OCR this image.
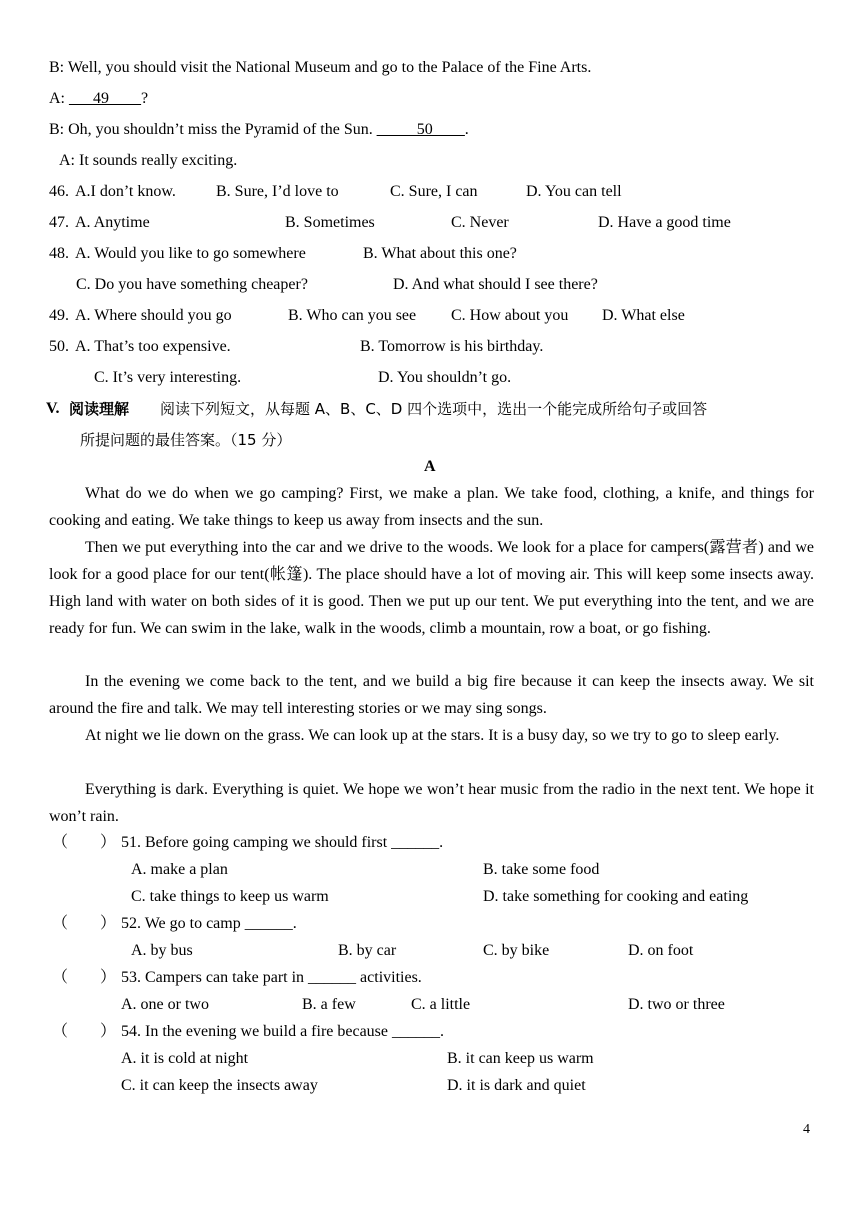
B: Well, you should visit the National Museum and go to the Palace of the Fine Arts.
A: ___49____?
B: Oh, you shouldn’t miss the Pyramid of the Sun. _____50____.
A: It sounds really exciting.
46. A.I don’t know.	B. Sure, I’d love to	C. Sure, I can	D. You can tell
47. A. Anytime	B. Sometimes	C. Never	D. Have a good time
48. A. Would you like to go somewhere	B. What about this one?
C. Do you have something cheaper?	D. And what should I see there?
49. A. Where should you go	B. Who can you see C. How about you D. What else
50. A. That’s too expensive.	B. Tomorrow is his birthday.
C. It’s very interesting.	D. You shouldn’t go.
V. 阅读理解 阅读下列短文，从每题 A、B、C、D 四个选项中，选出一个能完成所给句子或回答
所提问题的最佳答案。（15 分）
A
What do we do when we go camping? First, we make a plan. We take food, clothing, a knife, and things for cooking and eating. We take things to keep us away from insects and the sun.
Then we put everything into the car and we drive to the woods. We look for a place for campers(露营者) and we look for a good place for our tent(帐篷). The place should have a lot of moving air. This will keep some insects away. High land with water on both sides of it is good. Then we put up our tent. We put everything into the tent, and we are ready for fun. We can swim in the lake, walk in the woods, climb a mountain, row a boat, or go fishing.
In the evening we come back to the tent, and we build a big fire because it can keep the insects away. We sit around the fire and talk. We may tell interesting stories or we may sing songs.
At night we lie down on the grass. We can look up at the stars. It is a busy day, so we try to go to sleep early.
Everything is dark. Everything is quiet. We hope we won’t hear music from the radio in the next tent. We hope it won’t rain.
（　　） 51. Before going camping we should first ______.
A. make a plan	B. take some food
C. take things to keep us warm	D. take something for cooking and eating
（　　） 52. We go to camp ______.
A. by bus	B. by car	C. by bike	D. on foot
（　　） 53. Campers can take part in ______ activities.
A. one or two	B. a few	C. a little	D. two or three
（　　） 54. In the evening we build a fire because ______.
A. it is cold at night	B. it can keep us warm
C. it can keep the insects away	D. it is dark and quiet
4
